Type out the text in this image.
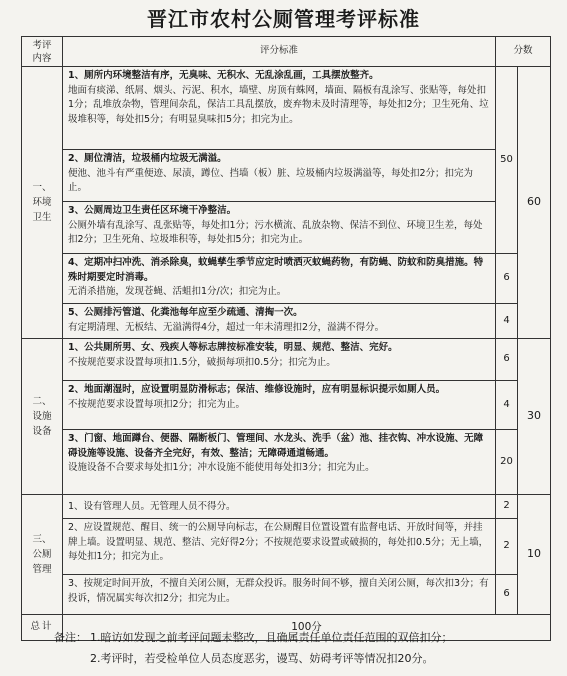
晋江市农村公厕管理考评标准
考评
内容	评分标准	分数	
一、
环境
卫生	1、厕所内环境整洁有序，无臭味、无积水、无乱涂乱画，工具摆放整齐。
地面有痰涕、纸屑、烟头、污泥、积水，墙壁、房顶有蛛网，墙面、隔板有乱涂写、张贴等，每处扣1分；乱堆放杂物，管理间杂乱，保洁工具乱摆放，废弃物未及时清理等，每处扣2分；卫生死角、垃圾堆积等，每处扣5分；有明显臭味扣5分；扣完为止。	50	60
	2、厕位清洁，垃圾桶内垃圾无满溢。
便池、池斗有严重便迹、尿渍，蹲位、挡墙（板）脏、垃圾桶内垃圾满溢等，每处扣2分；扣完为止。		
	3、公厕周边卫生责任区环境干净整洁。
公厕外墙有乱涂写、乱张贴等，每处扣1分；污水横流、乱放杂物、保洁不到位、环境卫生差，每处扣2分；卫生死角、垃圾堆积等，每处扣5分；扣完为止。		
	4、定期冲扫冲洗、消杀除臭，蚊蝇孳生季节应定时喷洒灭蚊蝇药物，有防蝇、防蚊和防臭措施。特殊时期要定时消毒。
无消杀措施，发现苍蝇、活蛆扣1分/次；扣完为止。	6	
	5、公厕排污管道、化粪池每年应至少疏通、清掏一次。
有定期清理、无板结、无溢满得4分，超过一年未清理扣2分，溢满不得分。	4	
二、
设施
设备	1、公共厕所男、女、残疾人等标志牌按标准安装，明显、规范、整洁、完好。
不按规范要求设置每项扣1.5分，破损每项扣0.5分；扣完为止。	6	30
	2、地面潮湿时，应设置明显防滑标志；保洁、维修设施时，应有明显标识提示如厕人员。
不按规范要求设置每项扣2分；扣完为止。	4	
	3、门窗、地面蹲台、便器、隔断板门、管理间、水龙头、洗手（盆）池、挂衣钩、冲水设施、无障碍设施等设施、设备齐全完好，有效、整洁；无障碍通道畅通。
设施设备不合要求每处扣1分；冲水设施不能使用每处扣3分；扣完为止。	20	
三、
公厕
管理	1、设有管理人员。无管理人员不得分。	2	10
	2、应设置规范、醒目、统一的公厕导向标志，在公厕醒目位置设置有监督电话、开放时间等，并挂牌上墙。设置明显、规范、整洁、完好得2分；不按规范要求设置或破损的，每处扣0.5分；无上墙，每处扣1分；扣完为止。	2	
	3、按规定时间开放，不擅自关闭公厕，无群众投诉。服务时间不够，擅自关闭公厕，每次扣3分；有投诉，情况属实每次扣2分；扣完为止。	6	
总计	100分		
备注： 1.暗访如发现之前考评问题未整改，且确属责任单位责任范围的双倍扣分；
2.考评时，若受检单位人员态度恶劣，谩骂、妨碍考评等情况扣20分。
